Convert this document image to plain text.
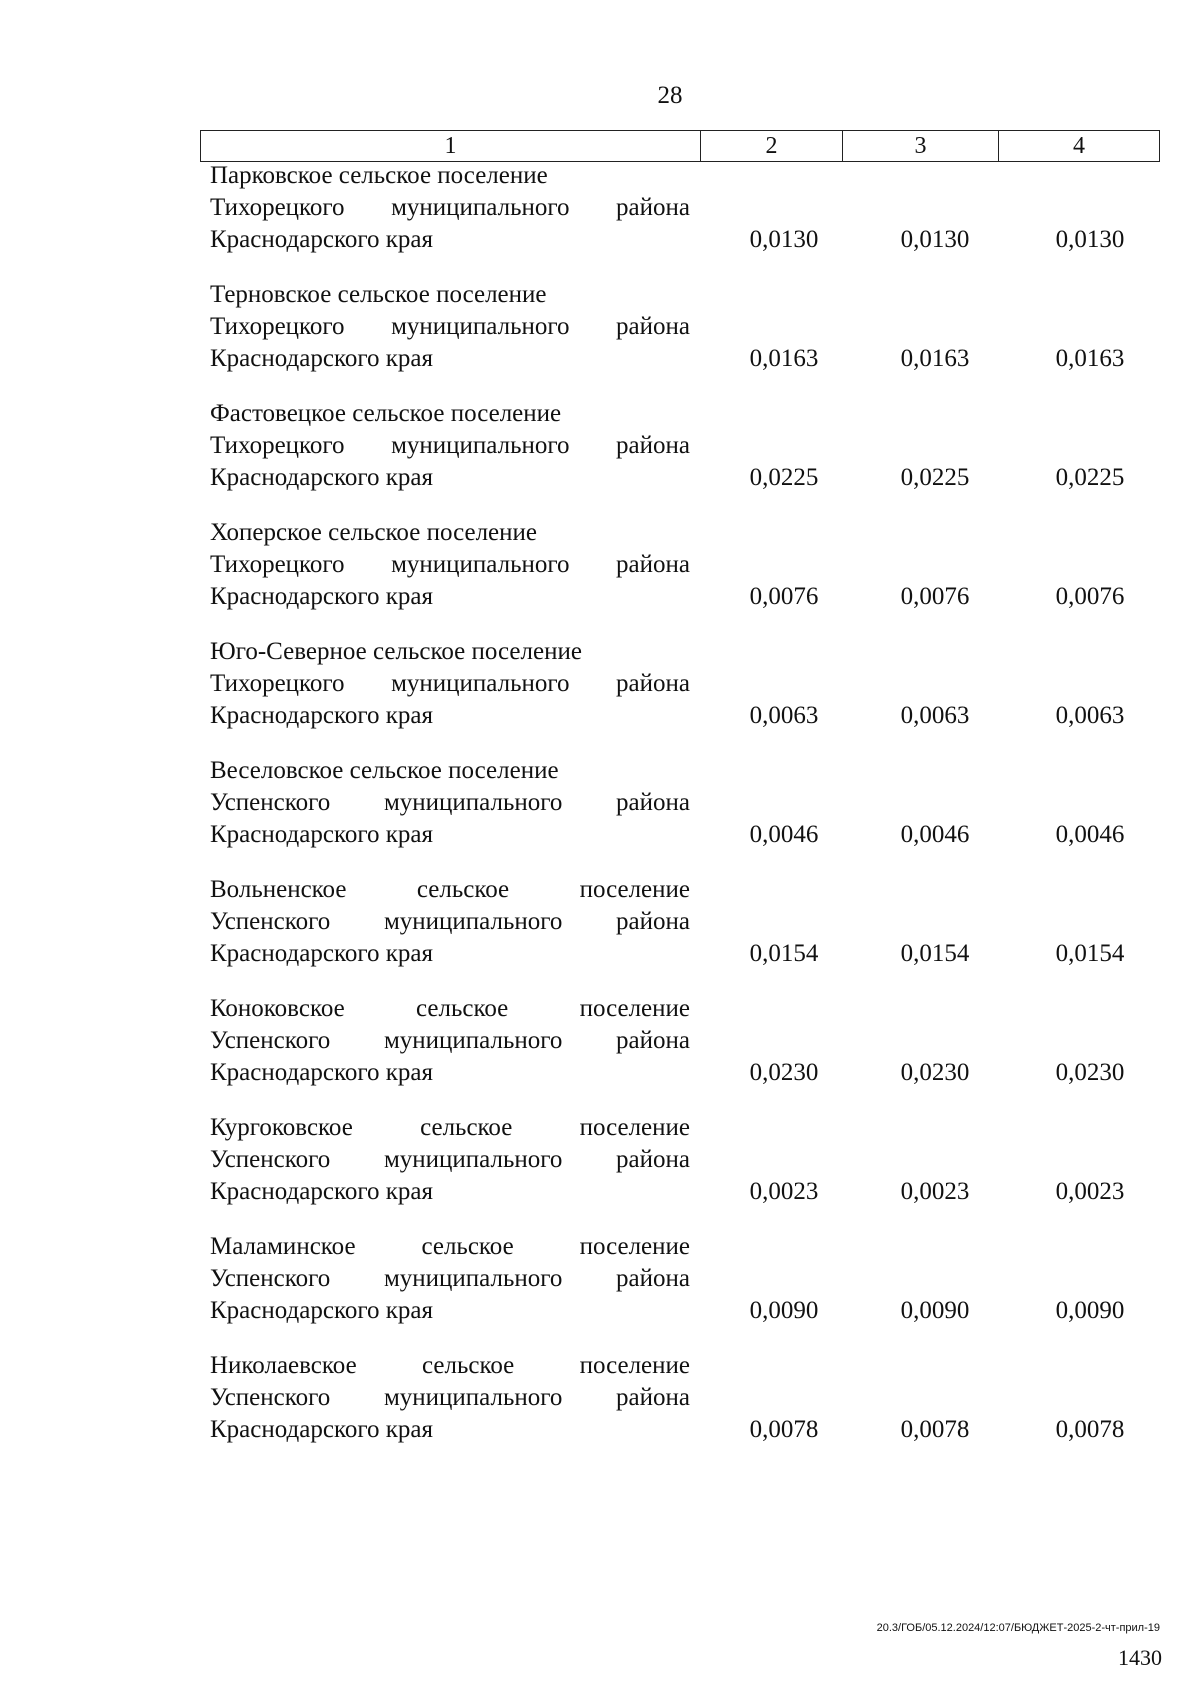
28
1	2	3	4
Парковское сельское поселение
Тихорецкого муниципального района
Краснодарского края	0,0130	0,0130	0,0130
Терновское сельское поселение
Тихорецкого муниципального района
Краснодарского края	0,0163	0,0163	0,0163
Фастовецкое сельское поселение
Тихорецкого муниципального района
Краснодарского края	0,0225	0,0225	0,0225
Хоперское сельское поселение
Тихорецкого муниципального района
Краснодарского края	0,0076	0,0076	0,0076
Юго-Северное сельское поселение
Тихорецкого муниципального района
Краснодарского края	0,0063	0,0063	0,0063
Веселовское сельское поселение
Успенского муниципального района
Краснодарского края	0,0046	0,0046	0,0046
Вольненское сельское поселение
Успенского муниципального района
Краснодарского края	0,0154	0,0154	0,0154
Коноковское сельское поселение
Успенского муниципального района
Краснодарского края	0,0230	0,0230	0,0230
Кургоковское сельское поселение
Успенского муниципального района
Краснодарского края	0,0023	0,0023	0,0023
Маламинское сельское поселение
Успенского муниципального района
Краснодарского края	0,0090	0,0090	0,0090
Николаевское сельское поселение
Успенского муниципального района
Краснодарского края	0,0078	0,0078	0,0078
20.3/ГОБ/05.12.2024/12:07/БЮДЖЕТ-2025-2-чт-прил-19
1430
